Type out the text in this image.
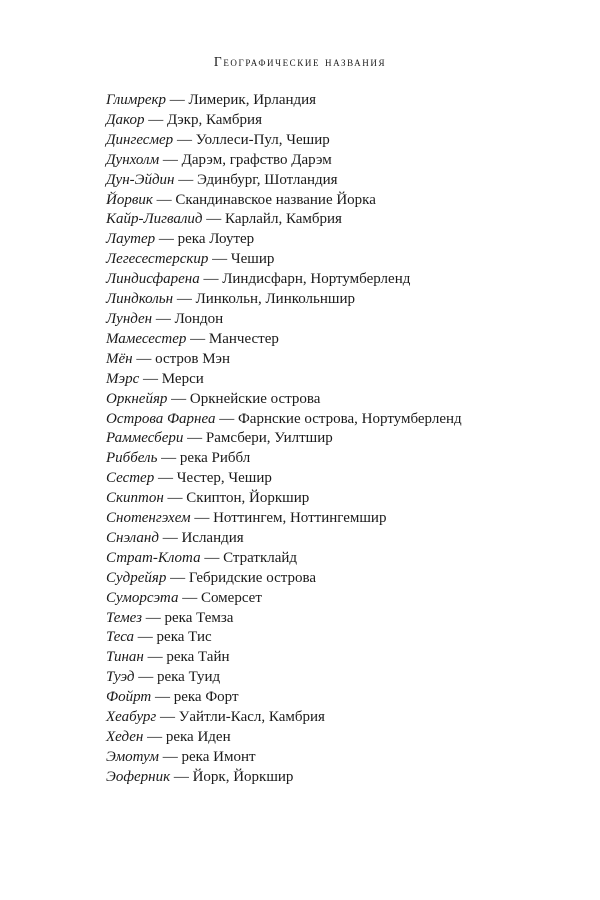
Географические названия
Глимрекр — Лимерик, Ирландия
Дакор — Дэкр, Камбрия
Дингесмер — Уоллеси-Пул, Чешир
Дунхолм — Дарэм, графство Дарэм
Дун-Эйдин — Эдинбург, Шотландия
Йорвик — Скандинавское название Йорка
Кайр-Лигвалид — Карлайл, Камбрия
Лаутер — река Лоутер
Легесестерскир — Чешир
Линдисфарена — Линдисфарн, Нортумберленд
Линдкольн — Линкольн, Линкольншир
Лунден — Лондон
Мамесестер — Манчестер
Мён — остров Мэн
Мэрс — Мерси
Оркнейяр — Оркнейские острова
Острова Фарнеа — Фарнские острова, Нортумберленд
Раммесбери — Рамсбери, Уилтшир
Риббель — река Риббл
Сестер — Честер, Чешир
Скиптон — Скиптон, Йоркшир
Снотенгэхем — Ноттингем, Ноттингемшир
Снэланд — Исландия
Страт-Клота — Стратклайд
Судрейяр — Гебридские острова
Суморсэта — Сомерсет
Темез — река Темза
Теса — река Тис
Тинан — река Тайн
Туэд — река Туид
Фойрт — река Форт
Хеабург — Уайтли-Касл, Камбрия
Хеден — река Иден
Эмотум — река Имонт
Эоферник — Йорк, Йоркшир
